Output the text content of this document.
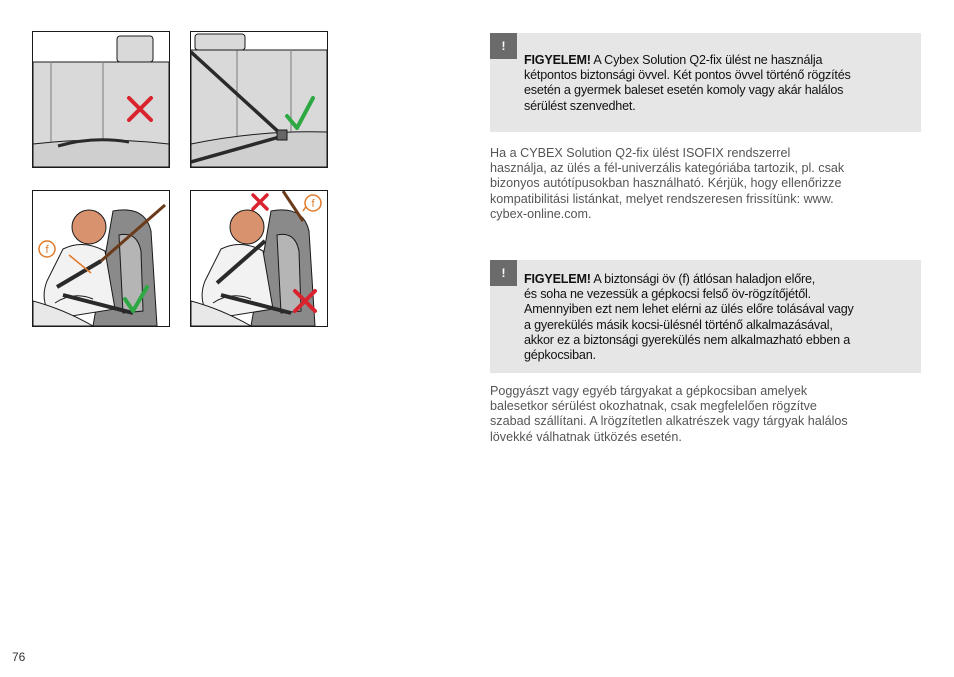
f
f
!
FIGYELEM! A Cybex Solution Q2-fix ülést ne használja
kétpontos biztonsági övvel. Két pontos övvel történő rögzítés
esetén a gyermek baleset esetén komoly vagy akár halálos
sérülést szenvedhet.
Ha a CYBEX Solution Q2-fix ülést ISOFIX rendszerrel
használja, az ülés a fél-univerzális kategóriába tartozik, pl. csak
bizonyos autótípusokban használható. Kérjük, hogy ellenőrizze
kompatibilitási listánkat, melyet rendszeresen frissítünk: www.
cybex-online.com.
!	FIGYELEM! A biztonsági öv (f) átlósan haladjon előre,
és soha ne vezessük a gépkocsi felső öv-rögzítőjétől.
Amennyiben ezt nem lehet elérni az ülés előre tolásával vagy
a gyerekülés másik kocsi-ülésnél történő alkalmazásával,
akkor ez a biztonsági gyerekülés nem alkalmazható ebben a
gépkocsiban.
Poggyászt vagy egyéb tárgyakat a gépkocsiban amelyek
balesetkor sérülést okozhatnak, csak megfelelően rögzítve
szabad szállítani. A lrögzítetlen alkatrészek vagy tárgyak halálos
lövekké válhatnak ütközés esetén.
76
